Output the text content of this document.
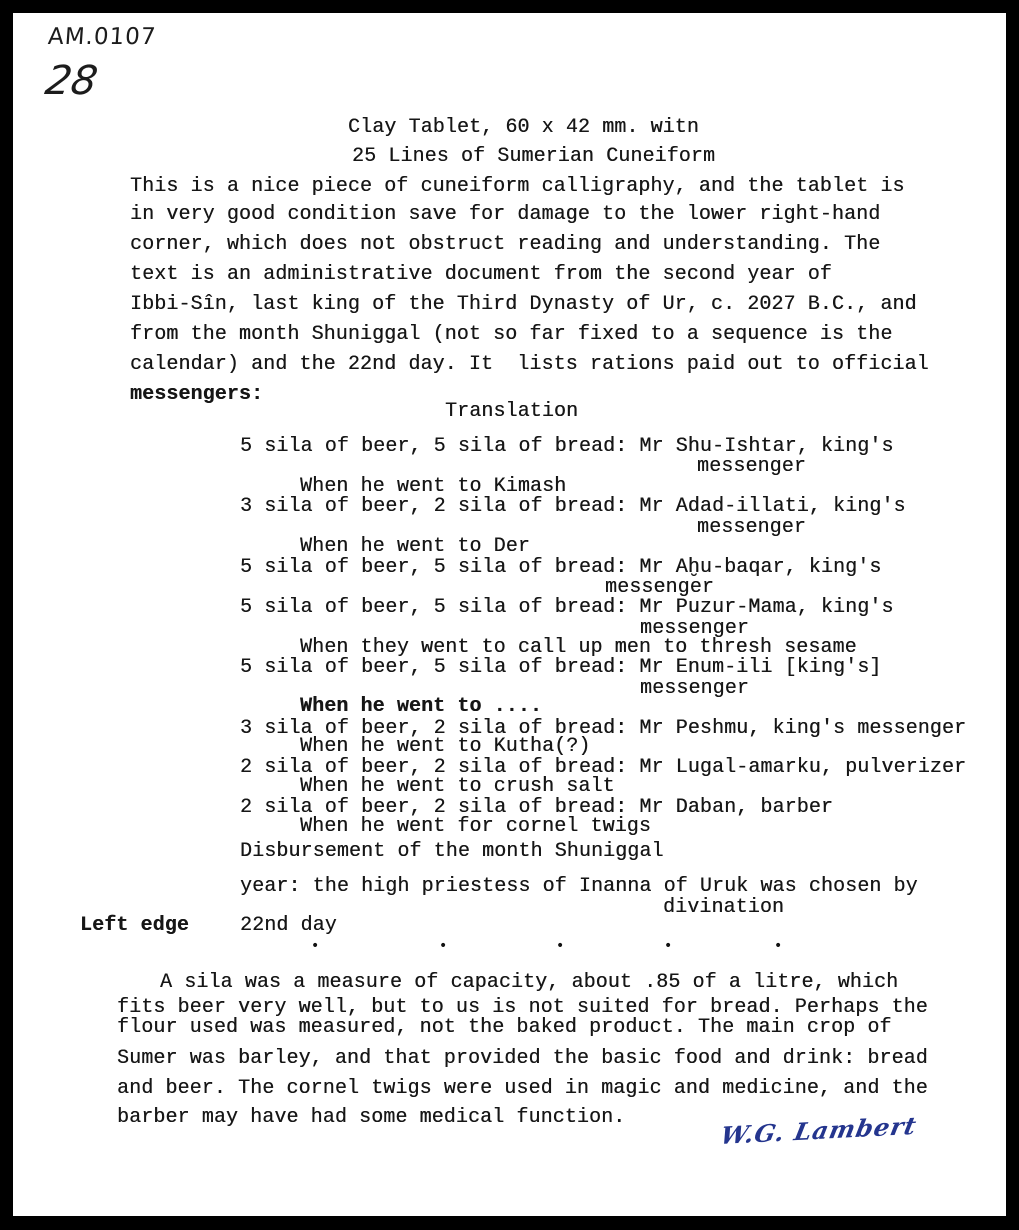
AM.0107
28
Clay Tablet, 60 x 42 mm. witn
25 Lines of Sumerian Cuneiform
This is a nice piece of cuneiform calligraphy, and the tablet is
in very good condition save for damage to the lower right-hand
corner, which does not obstruct reading and understanding. The
text is an administrative document from the second year of
Ibbi-Sîn, last king of the Third Dynasty of Ur, c. 2027 B.C., and
from the month Shuniggal (not so far fixed to a sequence is the
calendar) and the 22nd day. It  lists rations paid out to official
messengers:
Translation
5 sila of beer, 5 sila of bread: Mr Shu-Ishtar, king's
messenger
When he went to Kimash
3 sila of beer, 2 sila of bread: Mr Adad-illati, king's
messenger
When he went to Der
5 sila of beer, 5 sila of bread: Mr Aḫu-baqar, king's
messenger
5 sila of beer, 5 sila of bread: Mr Puzur-Mama, king's
messenger
When they went to call up men to thresh sesame
5 sila of beer, 5 sila of bread: Mr Enum-ili [king's]
messenger
When he went to ....
3 sila of beer, 2 sila of bread: Mr Peshmu, king's messenger
When he went to Kutha(?)
2 sila of beer, 2 sila of bread: Mr Lugal-amarku, pulverizer
When he went to crush salt
2 sila of beer, 2 sila of bread: Mr Daban, barber
When he went for cornel twigs
Disbursement of the month Shuniggal
year: the high priestess of Inanna of Uruk was chosen by
divination
Left edge	22nd day
•	•	•	•	•
A sila was a measure of capacity, about .85 of a litre, which
fits beer very well, but to us is not suited for bread. Perhaps the
flour used was measured, not the baked product. The main crop of
Sumer was barley, and that provided the basic food and drink: bread
and beer. The cornel twigs were used in magic and medicine, and the
barber may have had some medical function.	W.G. Lambert
